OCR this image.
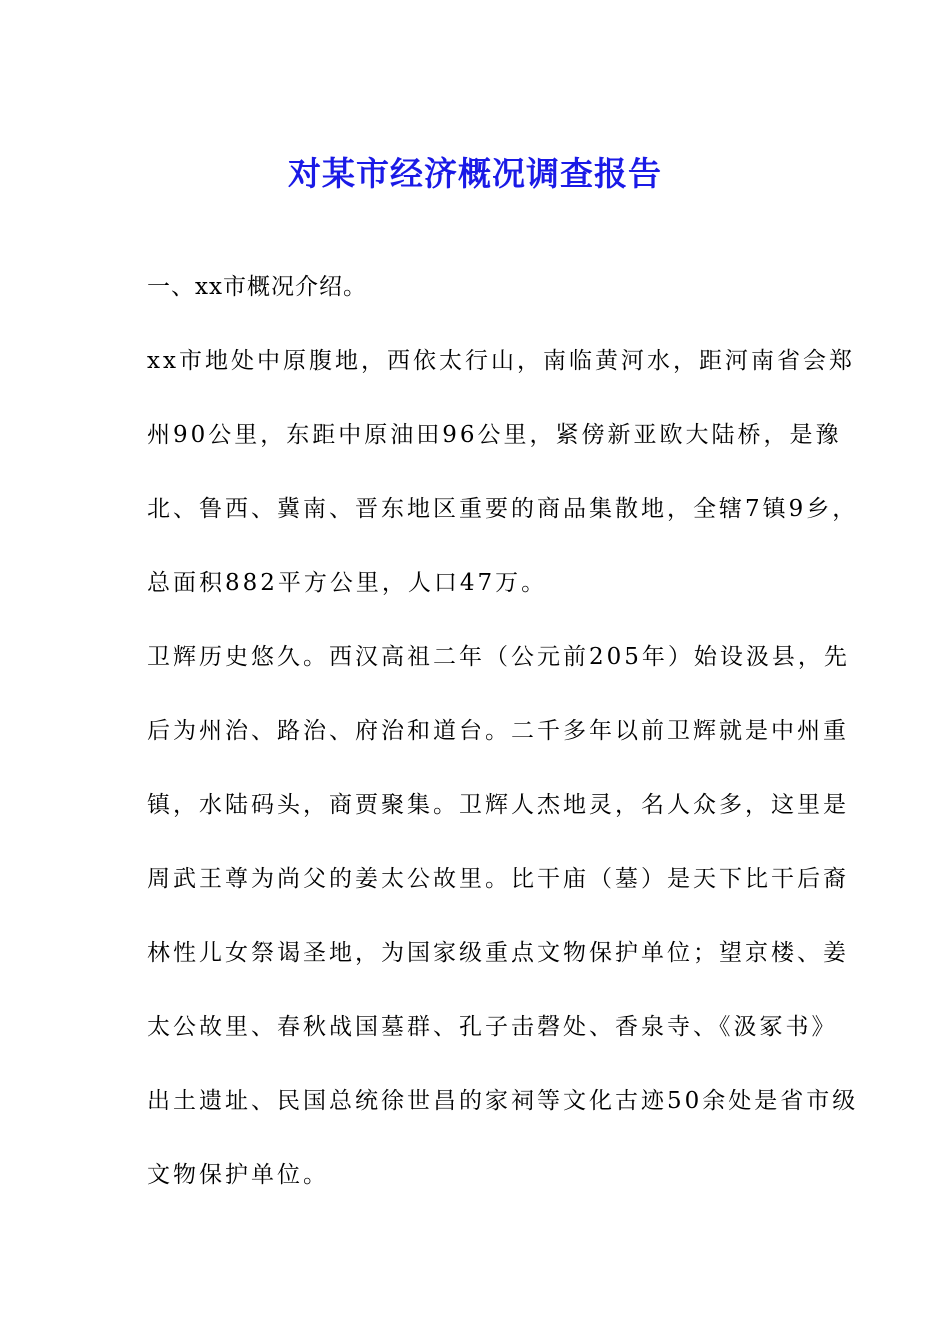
对某市经济概况调查报告

一、xx市概况介绍。

xx市地处中原腹地，西依太行山，南临黄河水，距河南省会郑
州90公里，东距中原油田96公里，紧傍新亚欧大陆桥，是豫
北、鲁西、冀南、晋东地区重要的商品集散地，全辖7镇9乡，
总面积882平方公里，人口47万。

卫辉历史悠久。西汉高祖二年（公元前205年）始设汲县，先
后为州治、路治、府治和道台。二千多年以前卫辉就是中州重
镇，水陆码头，商贾聚集。卫辉人杰地灵，名人众多，这里是
周武王尊为尚父的姜太公故里。比干庙（墓）是天下比干后裔
林性儿女祭谒圣地，为国家级重点文物保护单位；望京楼、姜
太公故里、春秋战国墓群、孔子击磬处、香泉寺、《汲冢书》
出土遗址、民国总统徐世昌的家祠等文化古迹50余处是省市级
文物保护单位。
